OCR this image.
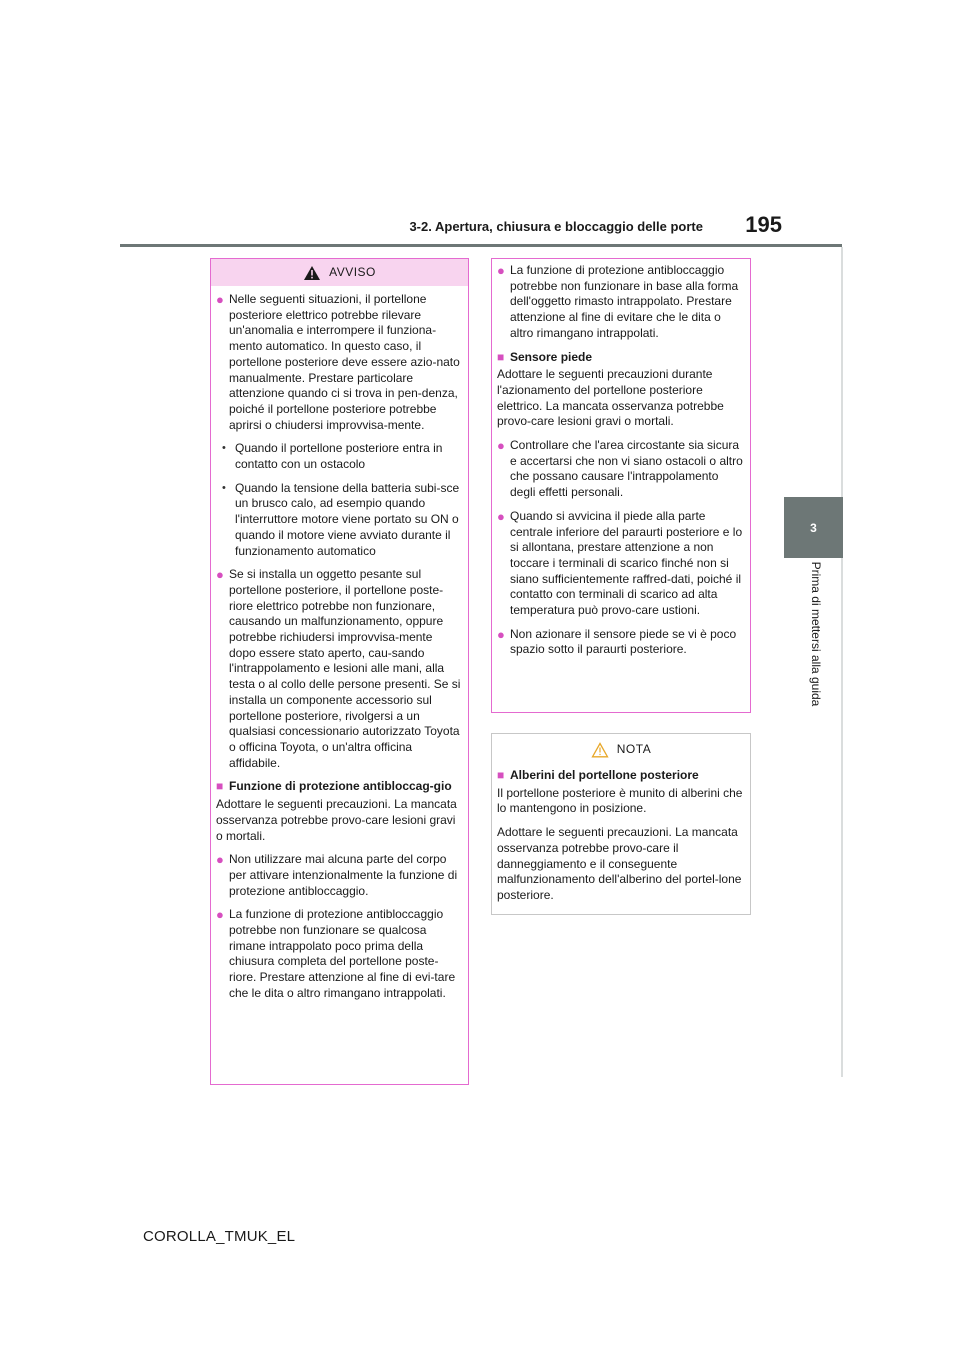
3-2. Apertura, chiusura e bloccaggio delle porte	195
3
Prima di mettersi alla guida
AVVISO
● Nelle seguenti situazioni, il portellone posteriore elettrico potrebbe rilevare un'anomalia e interrompere il funziona-mento automatico. In questo caso, il portellone posteriore deve essere azio-nato manualmente. Prestare particolare attenzione quando ci si trova in pen-denza, poiché il portellone posteriore potrebbe aprirsi o chiudersi improvvisa-mente.
• Quando il portellone posteriore entra in contatto con un ostacolo
• Quando la tensione della batteria subi-sce un brusco calo, ad esempio quando l'interruttore motore viene portato su ON o quando il motore viene avviato durante il funzionamento automatico
● Se si installa un oggetto pesante sul portellone posteriore, il portellone poste-riore elettrico potrebbe non funzionare, causando un malfunzionamento, oppure potrebbe richiudersi improvvisa-mente dopo essere stato aperto, cau-sando l'intrappolamento e lesioni alle mani, alla testa o al collo delle persone presenti. Se si installa un componente accessorio sul portellone posteriore, rivolgersi a un qualsiasi concessionario autorizzato Toyota o officina Toyota, o un'altra officina affidabile.
■ Funzione di protezione antibloccag-gio
Adottare le seguenti precauzioni. La mancata osservanza potrebbe provo-care lesioni gravi o mortali.
● Non utilizzare mai alcuna parte del corpo per attivare intenzionalmente la funzione di protezione antibloccaggio.
● La funzione di protezione antibloccaggio potrebbe non funzionare se qualcosa rimane intrappolato poco prima della chiusura completa del portellone poste-riore. Prestare attenzione al fine di evi-tare che le dita o altro rimangano intrappolati.
● La funzione di protezione antibloccaggio potrebbe non funzionare in base alla forma dell'oggetto rimasto intrappolato. Prestare attenzione al fine di evitare che le dita o altro rimangano intrappolati.
■ Sensore piede
Adottare le seguenti precauzioni durante l'azionamento del portellone posteriore elettrico. La mancata osservanza potrebbe provo-care lesioni gravi o mortali.
● Controllare che l'area circostante sia sicura e accertarsi che non vi siano ostacoli o altro che possano causare l'intrappolamento degli effetti personali.
● Quando si avvicina il piede alla parte centrale inferiore del paraurti posteriore e lo si allontana, prestare attenzione a non toccare i terminali di scarico finché non si siano sufficientemente raffred-dati, poiché il contatto con terminali di scarico ad alta temperatura può provo-care ustioni.
● Non azionare il sensore piede se vi è poco spazio sotto il paraurti posteriore.
NOTA
■ Alberini del portellone posteriore
Il portellone posteriore è munito di alberini che lo mantengono in posizione.
Adottare le seguenti precauzioni. La mancata osservanza potrebbe provo-care il danneggiamento e il conseguente malfunzionamento dell'alberino del portel-lone posteriore.
COROLLA_TMUK_EL
